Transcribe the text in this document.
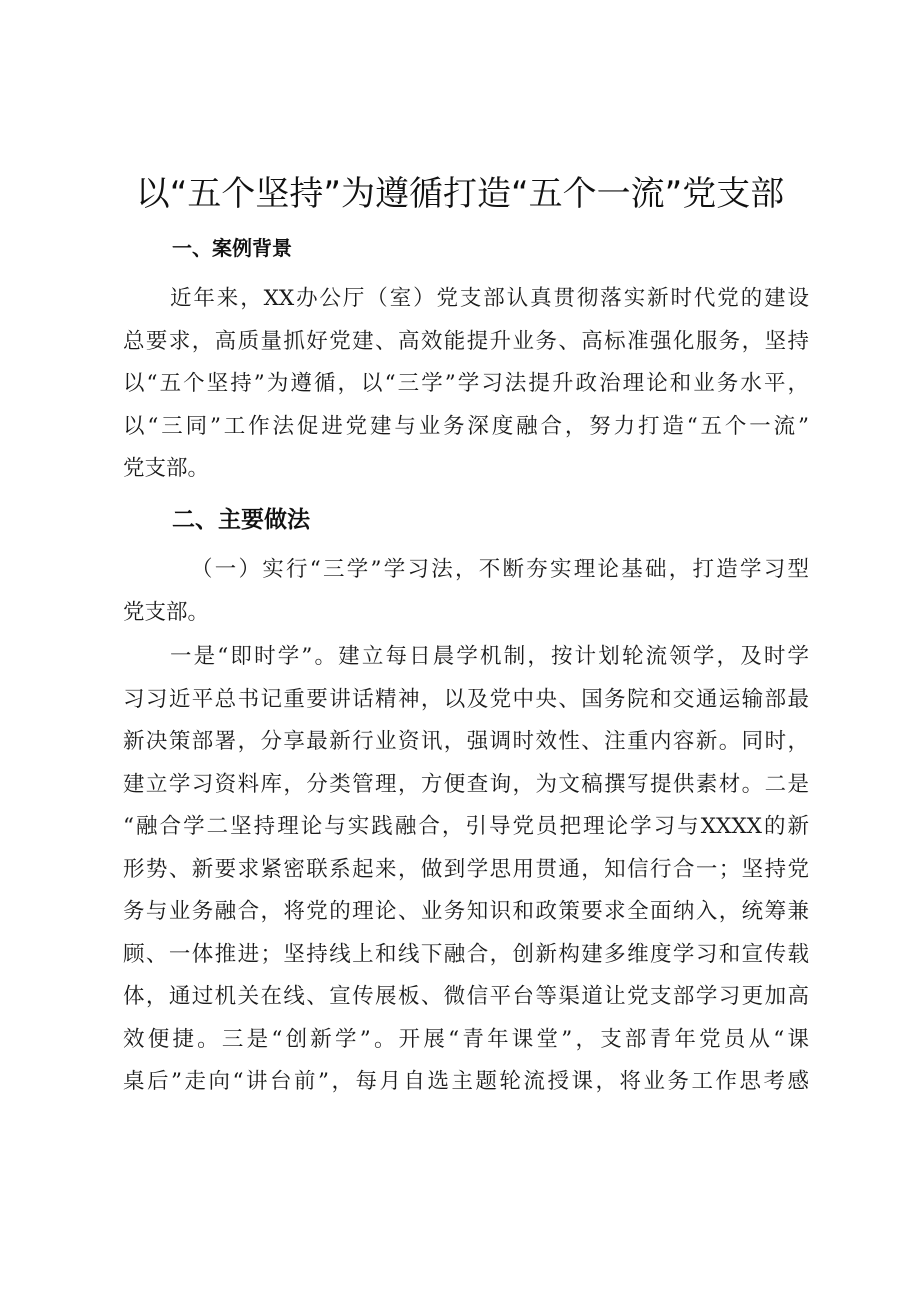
以“五个坚持”为遵循打造“五个一流”党支部
一、案例背景
近年来，XX办公厅（室）党支部认真贯彻落实新时代党的建设
总要求，高质量抓好党建、高效能提升业务、高标准强化服务，坚持
以“五个坚持”为遵循，以“三学”学习法提升政治理论和业务水平，
以“三同”工作法促进党建与业务深度融合，努力打造“五个一流”
党支部。
二、主要做法
（一）实行“三学”学习法，不断夯实理论基础，打造学习型
党支部。
一是“即时学”。建立每日晨学机制，按计划轮流领学，及时学
习习近平总书记重要讲话精神，以及党中央、国务院和交通运输部最
新决策部署，分享最新行业资讯，强调时效性、注重内容新。同时，
建立学习资料库，分类管理，方便查询，为文稿撰写提供素材。二是
“融合学二坚持理论与实践融合，引导党员把理论学习与XXXX的新
形势、新要求紧密联系起来，做到学思用贯通，知信行合一；坚持党
务与业务融合，将党的理论、业务知识和政策要求全面纳入，统筹兼
顾、一体推进；坚持线上和线下融合，创新构建多维度学习和宣传载
体，通过机关在线、宣传展板、微信平台等渠道让党支部学习更加高
效便捷。三是“创新学”。开展“青年课堂”，支部青年党员从“课
桌后”走向“讲台前”，每月自选主题轮流授课，将业务工作思考感
